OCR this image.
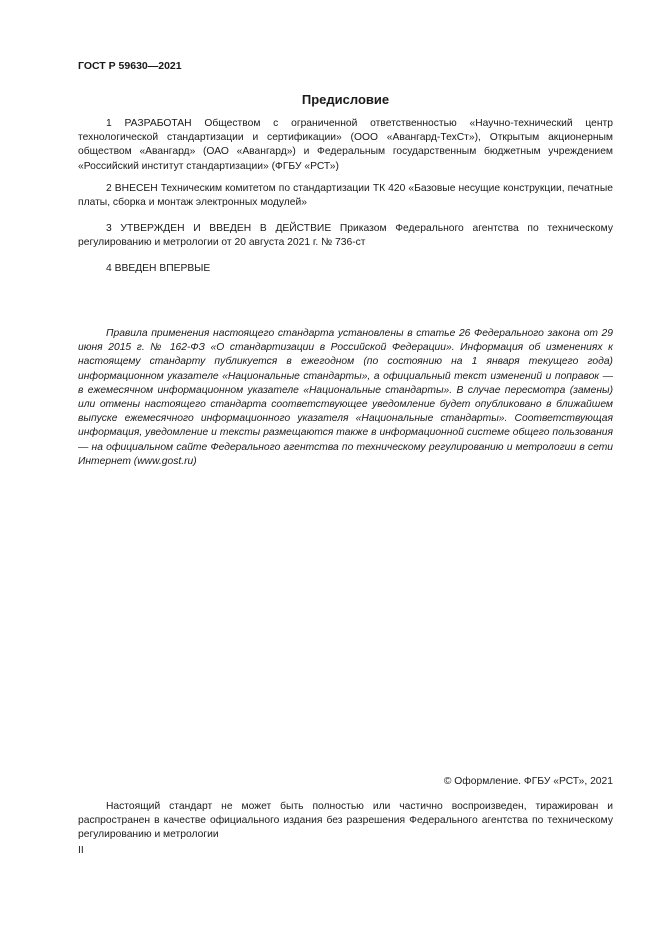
ГОСТ Р 59630—2021
Предисловие
1 РАЗРАБОТАН Обществом с ограниченной ответственностью «Научно-технический центр технологической стандартизации и сертификации» (ООО «Авангард-ТехСт»), Открытым акционерным обществом «Авангард» (ОАО «Авангард») и Федеральным государственным бюджетным учреждением «Российский институт стандартизации» (ФГБУ «РСТ»)
2 ВНЕСЕН Техническим комитетом по стандартизации ТК 420 «Базовые несущие конструкции, печатные платы, сборка и монтаж электронных модулей»
3 УТВЕРЖДЕН И ВВЕДЕН В ДЕЙСТВИЕ Приказом Федерального агентства по техническому регулированию и метрологии от 20 августа 2021 г. № 736-ст
4 ВВЕДЕН ВПЕРВЫЕ
Правила применения настоящего стандарта установлены в статье 26 Федерального закона от 29 июня 2015 г. № 162-ФЗ «О стандартизации в Российской Федерации». Информация об изменениях к настоящему стандарту публикуется в ежегодном (по состоянию на 1 января текущего года) информационном указателе «Национальные стандарты», а официальный текст изменений и поправок — в ежемесячном информационном указателе «Национальные стандарты». В случае пересмотра (замены) или отмены настоящего стандарта соответствующее уведомление будет опубликовано в ближайшем выпуске ежемесячного информационного указателя «Национальные стандарты». Соответствующая информация, уведомление и тексты размещаются также в информационной системе общего пользования — на официальном сайте Федерального агентства по техническому регулированию и метрологии в сети Интернет (www.gost.ru)
© Оформление. ФГБУ «РСТ», 2021
Настоящий стандарт не может быть полностью или частично воспроизведен, тиражирован и распространен в качестве официального издания без разрешения Федерального агентства по техническому регулированию и метрологии
II
